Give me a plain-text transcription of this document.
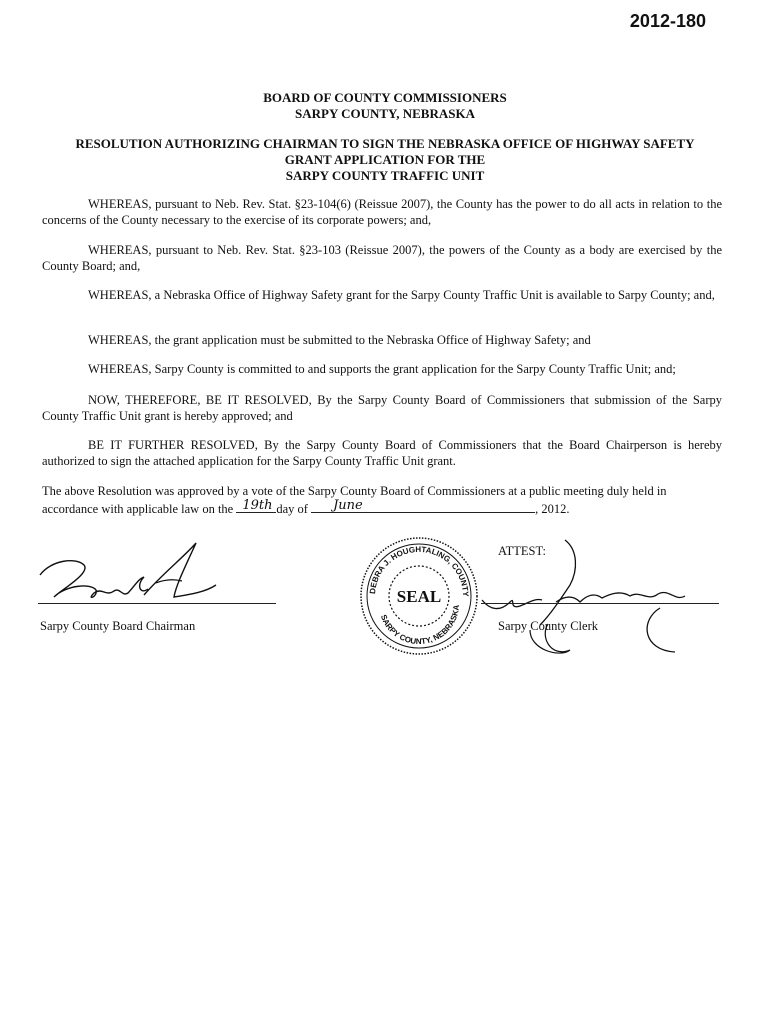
2012-180
BOARD OF COUNTY COMMISSIONERS
SARPY COUNTY, NEBRASKA
RESOLUTION AUTHORIZING CHAIRMAN TO SIGN THE NEBRASKA OFFICE OF HIGHWAY SAFETY
GRANT APPLICATION FOR THE
SARPY COUNTY TRAFFIC UNIT
WHEREAS, pursuant to Neb. Rev. Stat. §23-104(6) (Reissue 2007), the County has the power to do all acts in relation to the concerns of the County necessary to the exercise of its corporate powers; and,
WHEREAS, pursuant to Neb. Rev. Stat. §23-103 (Reissue 2007), the powers of the County as a body are exercised by the County Board; and,
WHEREAS, a Nebraska Office of Highway Safety grant for the Sarpy County Traffic Unit is available to Sarpy County; and,
WHEREAS, the grant application must be submitted to the Nebraska Office of Highway Safety; and
WHEREAS, Sarpy County is committed to and supports the grant application for the Sarpy County Traffic Unit; and;
NOW, THEREFORE, BE IT RESOLVED, By the Sarpy County Board of Commissioners that submission of the Sarpy County Traffic Unit grant is hereby approved; and
BE IT FURTHER RESOLVED, By the Sarpy County Board of Commissioners that the Board Chairperson is hereby authorized to sign the attached application for the Sarpy County Traffic Unit grant.
The above Resolution was approved by a vote of the Sarpy County Board of Commissioners at a public meeting duly held in
accordance with applicable law on the 19th day of June	, 2012.
Sarpy County Board Chairman
DEBRA J. HOUGHTALING, COUNTY CLERK
SARPY COUNTY, NEBRASKA
SEAL
ATTEST:
Sarpy County Clerk
